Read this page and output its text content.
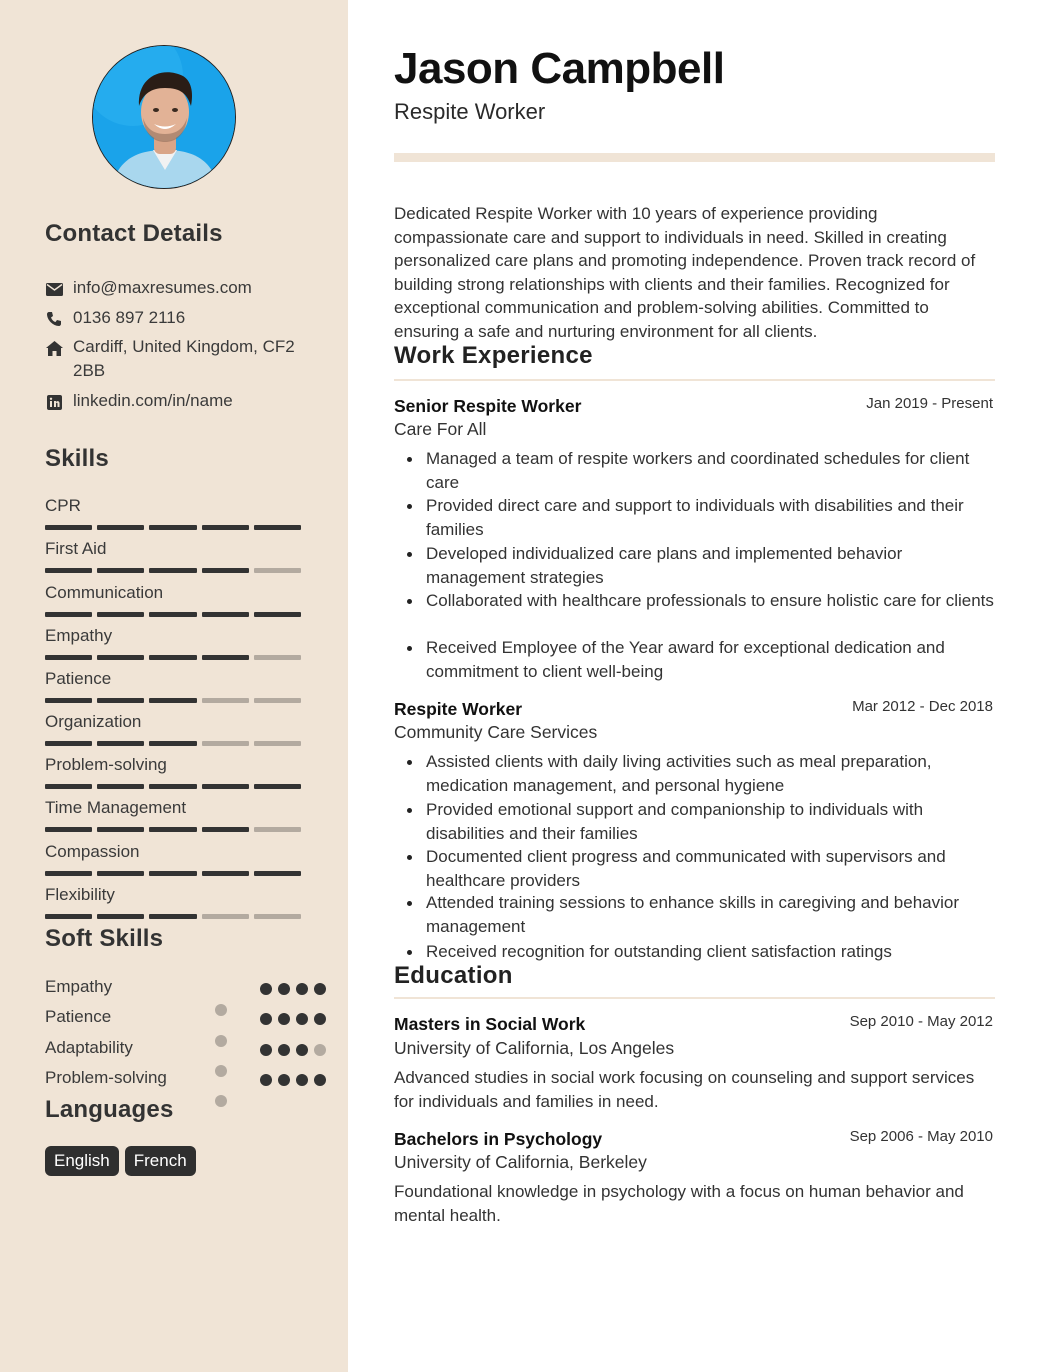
Contact Details
info@maxresumes.com
0136 897 2116
Cardiff, United Kingdom, CF2 2BB
linkedin.com/in/name
Skills
CPR
First Aid
Communication
Empathy
Patience
Organization
Problem-solving
Time Management
Compassion
Flexibility
Soft Skills
Empathy
Patience
Adaptability
Problem-solving
Languages
English	French
Jason Campbell
Respite Worker
Dedicated Respite Worker with 10 years of experience providing compassionate care and support to individuals in need. Skilled in creating personalized care plans and promoting independence. Proven track record of building strong relationships with clients and their families. Recognized for exceptional communication and problem-solving abilities. Committed to ensuring a safe and nurturing environment for all clients.
Work Experience
Senior Respite Worker	Jan 2019 - Present
Care For All
Managed a team of respite workers and coordinated schedules for client care
Provided direct care and support to individuals with disabilities and their families
Developed individualized care plans and implemented behavior management strategies
Collaborated with healthcare professionals to ensure holistic care for clients
Received Employee of the Year award for exceptional dedication and commitment to client well-being
Respite Worker	Mar 2012 - Dec 2018
Community Care Services
Assisted clients with daily living activities such as meal preparation, medication management, and personal hygiene
Provided emotional support and companionship to individuals with disabilities and their families
Documented client progress and communicated with supervisors and healthcare providers
Attended training sessions to enhance skills in caregiving and behavior management
Received recognition for outstanding client satisfaction ratings
Education
Masters in Social Work	Sep 2010 - May 2012
University of California, Los Angeles
Advanced studies in social work focusing on counseling and support services for individuals and families in need.
Bachelors in Psychology	Sep 2006 - May 2010
University of California, Berkeley
Foundational knowledge in psychology with a focus on human behavior and mental health.
